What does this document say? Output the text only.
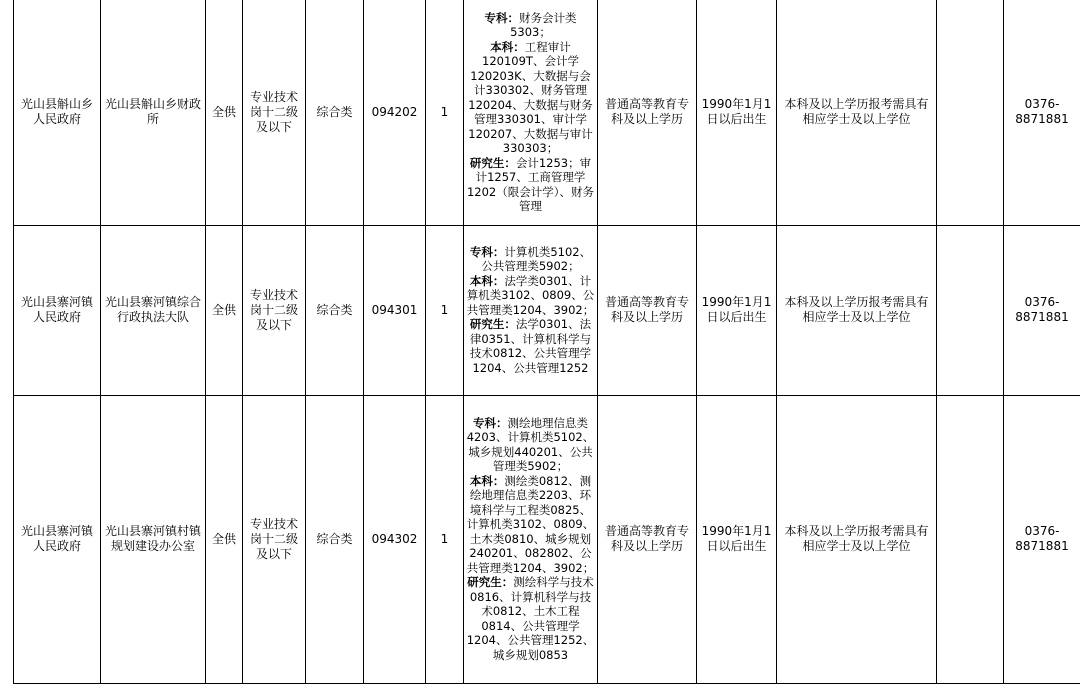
光山县斛山乡人民政府	光山县斛山乡财政所	全供	专业技术岗十二级及以下	综合类	094202	1	专科：财务会计类5303；
本科：工程审计120109T、会计学120203K、大数据与会计330302、财务管理120204、大数据与财务管理330301、审计学120207、大数据与审计330303；
研究生：会计1253；审计1257、工商管理学1202（限会计学）、财务管理	普通高等教育专科及以上学历	1990年1月1日以后出生	本科及以上学历报考需具有相应学士及以上学位		0376-8871881
光山县寨河镇人民政府	光山县寨河镇综合行政执法大队	全供	专业技术岗十二级及以下	综合类	094301	1	专科：计算机类5102、公共管理类5902；
本科：法学类0301、计算机类3102、0809、公共管理类1204、3902；
研究生：法学0301、法律0351、计算机科学与技术0812、公共管理学1204、公共管理1252	普通高等教育专科及以上学历	1990年1月1日以后出生	本科及以上学历报考需具有相应学士及以上学位		0376-8871881
光山县寨河镇人民政府	光山县寨河镇村镇规划建设办公室	全供	专业技术岗十二级及以下	综合类	094302	1	专科：测绘地理信息类4203、计算机类5102、城乡规划440201、公共管理类5902；
本科：测绘类0812、测绘地理信息类2203、环境科学与工程类0825、计算机类3102、0809、土木类0810、城乡规划240201、082802、公共管理类1204、3902；
研究生：测绘科学与技术0816、计算机科学与技术0812、土木工程0814、公共管理学1204、公共管理1252、城乡规划0853	普通高等教育专科及以上学历	1990年1月1日以后出生	本科及以上学历报考需具有相应学士及以上学位		0376-8871881
